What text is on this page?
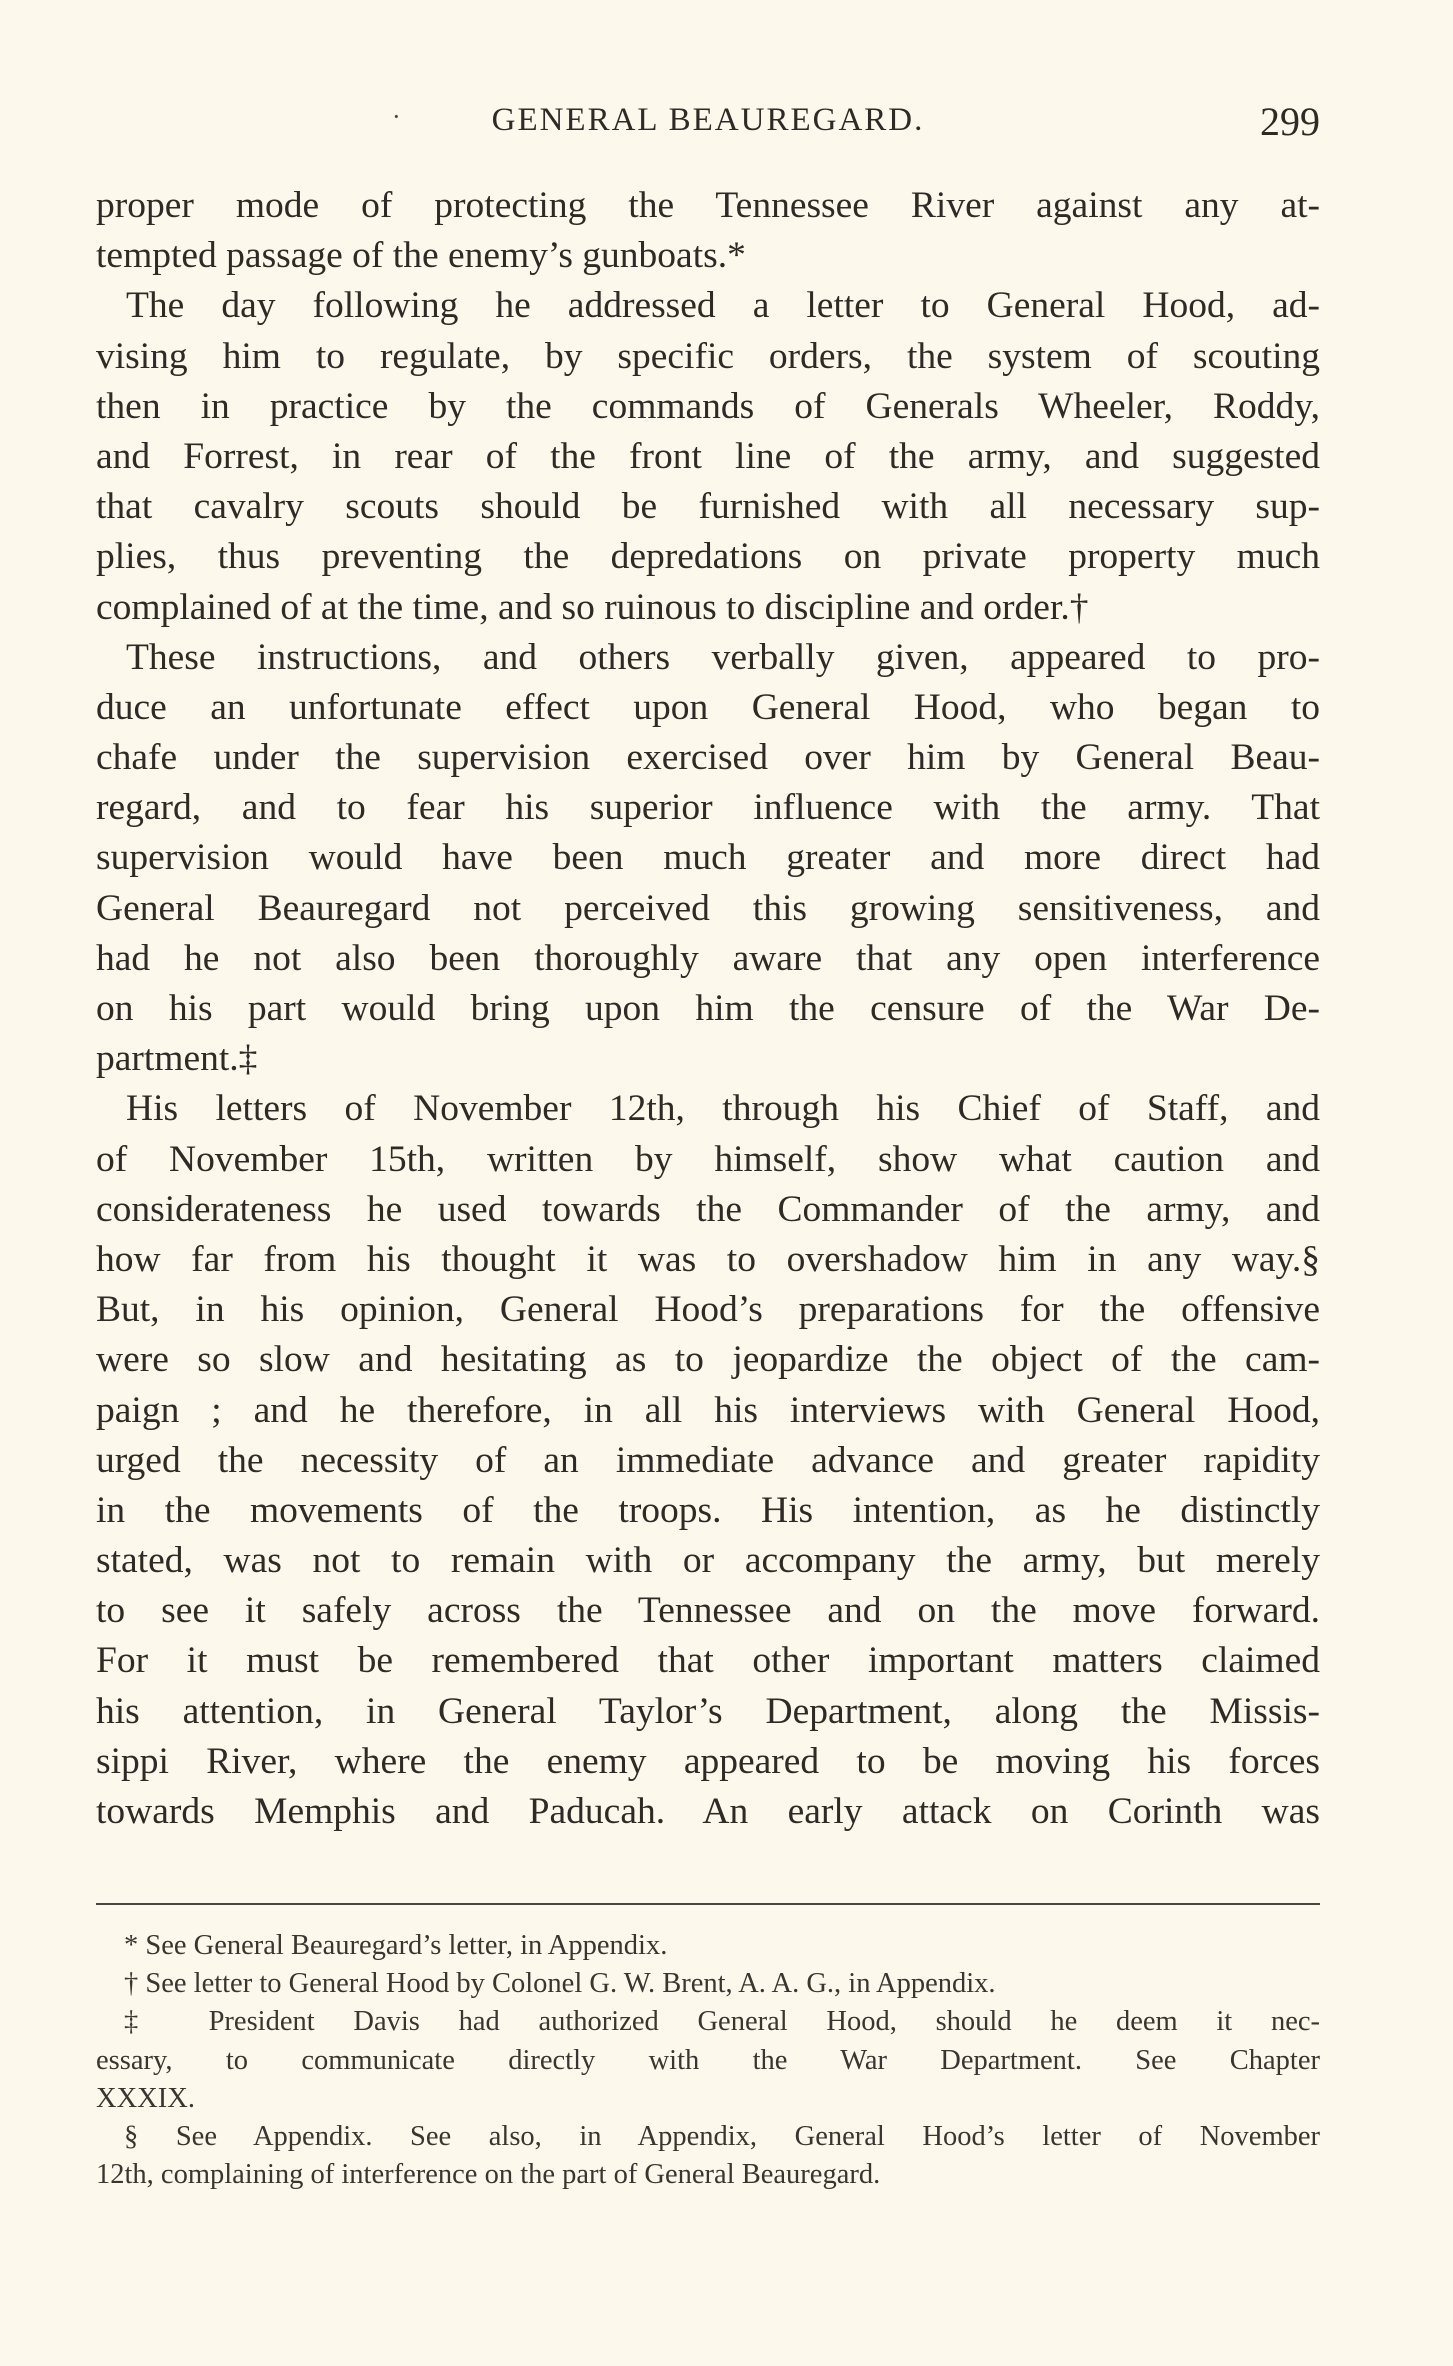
·	GENERAL BEAUREGARD.	299
proper mode of protecting the Tennessee River against any at-
tempted passage of the enemy’s gunboats.*
The day following he addressed a letter to General Hood, ad-
vising him to regulate, by specific orders, the system of scouting
then in practice by the commands of Generals Wheeler, Roddy,
and Forrest, in rear of the front line of the army, and suggested
that cavalry scouts should be furnished with all necessary sup-
plies, thus preventing the depredations on private property much
complained of at the time, and so ruinous to discipline and order.†
These instructions, and others verbally given, appeared to pro-
duce an unfortunate effect upon General Hood, who began to
chafe under the supervision exercised over him by General Beau-
regard, and to fear his superior influence with the army. That
supervision would have been much greater and more direct had
General Beauregard not perceived this growing sensitiveness, and
had he not also been thoroughly aware that any open interference
on his part would bring upon him the censure of the War De-
partment.‡
His letters of November 12th, through his Chief of Staff, and
of November 15th, written by himself, show what caution and
considerateness he used towards the Commander of the army, and
how far from his thought it was to overshadow him in any way.§
But, in his opinion, General Hood’s preparations for the offensive
were so slow and hesitating as to jeopardize the object of the cam-
paign ; and he therefore, in all his interviews with General Hood,
urged the necessity of an immediate advance and greater rapidity
in the movements of the troops. His intention, as he distinctly
stated, was not to remain with or accompany the army, but merely
to see it safely across the Tennessee and on the move forward.
For it must be remembered that other important matters claimed
his attention, in General Taylor’s Department, along the Missis-
sippi River, where the enemy appeared to be moving his forces
towards Memphis and Paducah. An early attack on Corinth was
* See General Beauregard’s letter, in Appendix.
† See letter to General Hood by Colonel G. W. Brent, A. A. G., in Appendix.
‡ President Davis had authorized General Hood, should he deem it nec-
essary, to communicate directly with the War Department. See Chapter
XXXIX.
§ See Appendix. See also, in Appendix, General Hood’s letter of November
12th, complaining of interference on the part of General Beauregard.
